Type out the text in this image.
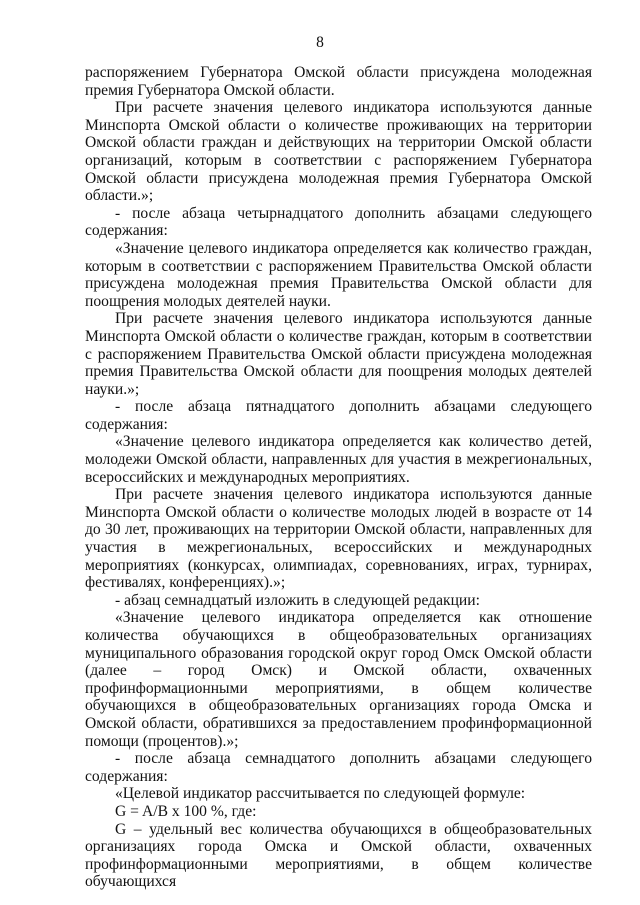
8

распоряжением Губернатора Омской области присуждена молодежная премия Губернатора Омской области.

При расчете значения целевого индикатора используются данные Минспорта Омской области о количестве проживающих на территории Омской области граждан и действующих на территории Омской области организаций, которым в соответствии с распоряжением Губернатора Омской области присуждена молодежная премия Губернатора Омской области.»;

- после абзаца четырнадцатого дополнить абзацами следующего содержания:

«Значение целевого индикатора определяется как количество граждан, которым в соответствии с распоряжением Правительства Омской области присуждена молодежная премия Правительства Омской области для поощрения молодых деятелей науки.

При расчете значения целевого индикатора используются данные Минспорта Омской области о количестве граждан, которым в соответствии с распоряжением Правительства Омской области присуждена молодежная премия Правительства Омской области для поощрения молодых деятелей науки.»;

- после абзаца пятнадцатого дополнить абзацами следующего содержания:

«Значение целевого индикатора определяется как количество детей, молодежи Омской области, направленных для участия в межрегиональных, всероссийских и международных мероприятиях.

При расчете значения целевого индикатора используются данные Минспорта Омской области о количестве молодых людей в возрасте от 14 до 30 лет, проживающих на территории Омской области, направленных для участия в межрегиональных, всероссийских и международных мероприятиях (конкурсах, олимпиадах, соревнованиях, играх, турнирах, фестивалях, конференциях).»;

- абзац семнадцатый изложить в следующей редакции:

«Значение целевого индикатора определяется как отношение количества обучающихся в общеобразовательных организациях муниципального образования городской округ город Омск Омской области (далее – город Омск) и Омской области, охваченных профинформационными мероприятиями, в общем количестве обучающихся в общеобразовательных организациях города Омска и Омской области, обратившихся за предоставлением профинформационной помощи (процентов).»;

- после абзаца семнадцатого дополнить абзацами следующего содержания:

«Целевой индикатор рассчитывается по следующей формуле:

G = A/B x 100 %, где:

G – удельный вес количества обучающихся в общеобразовательных организациях города Омска и Омской области, охваченных профинформационными мероприятиями, в общем количестве обучающихся
